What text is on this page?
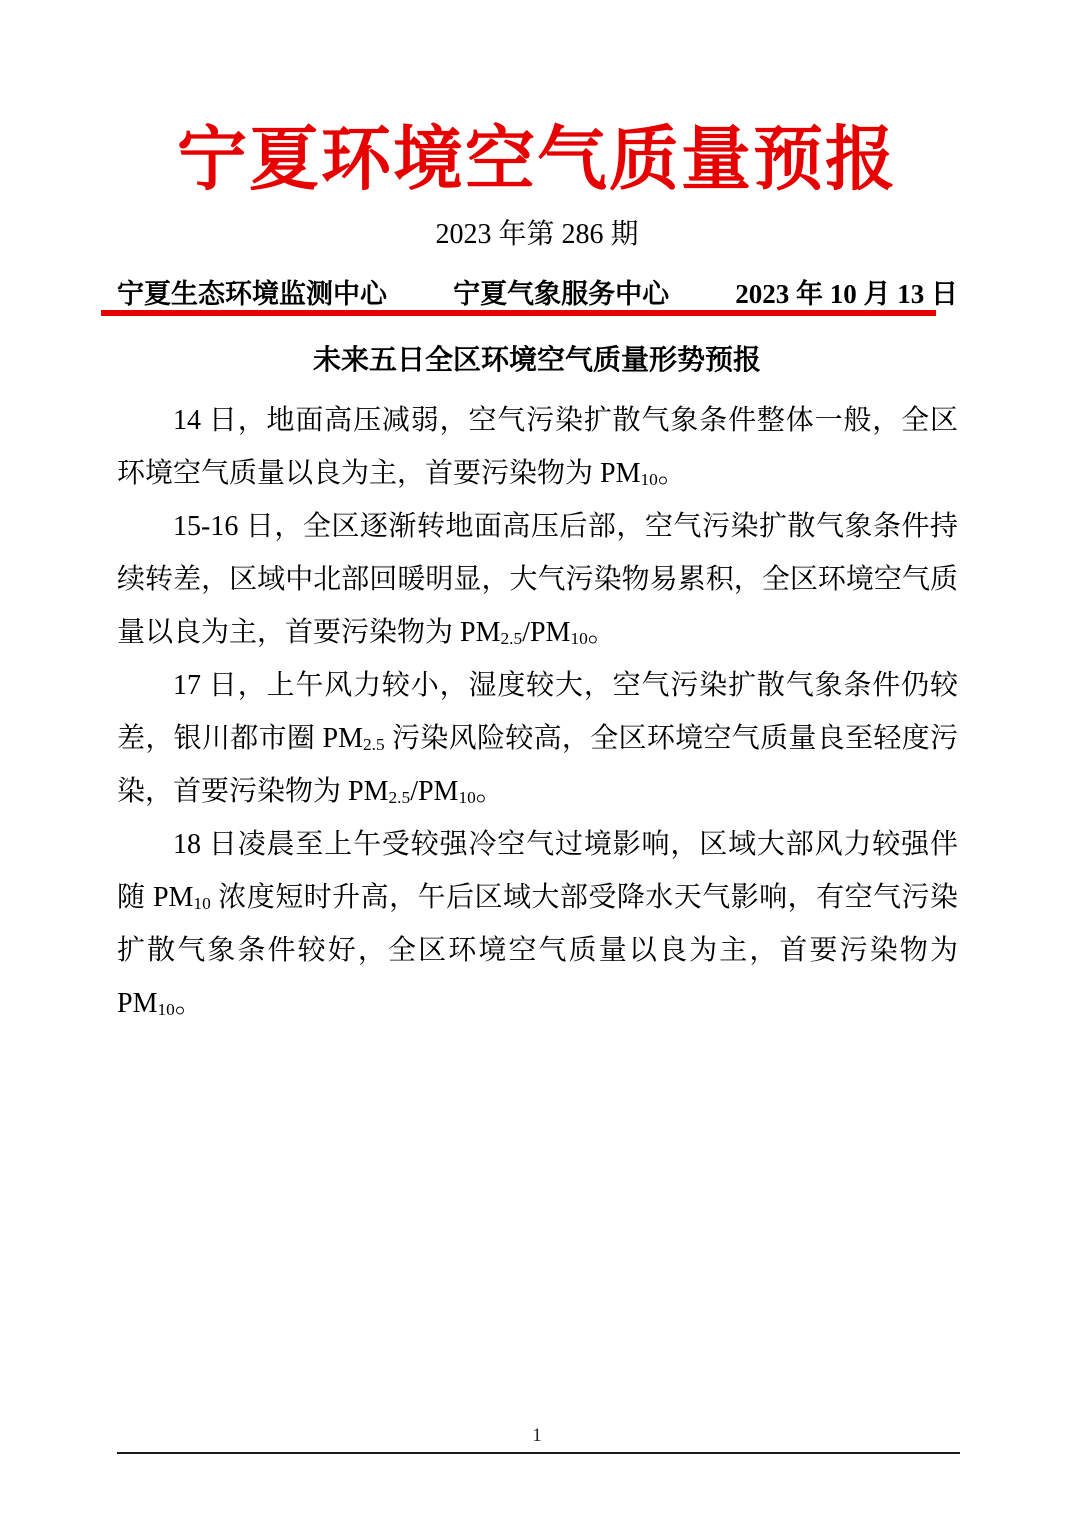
宁夏环境空气质量预报
2023 年第 286 期
宁夏生态环境监测中心 宁夏气象服务中心 2023 年 10 月 13 日
未来五日全区环境空气质量形势预报

14 日，地面高压减弱，空气污染扩散气象条件整体一般，全区环境空气质量以良为主，首要污染物为 $PM_{10}$。

15-16 日，全区逐渐转地面高压后部，空气污染扩散气象条件持续转差，区域中北部回暖明显，大气污染物易累积，全区环境空气质量以良为主，首要污染物为 $PM_{2.5}/PM_{10}$。

17 日，上午风力较小，湿度较大，空气污染扩散气象条件仍较差，银川都市圈 $PM_{2.5}$ 污染风险较高，全区环境空气质量良至轻度污染，首要污染物为 $PM_{2.5}/PM_{10}$。

18 日凌晨至上午受较强冷空气过境影响，区域大部风力较强伴随 $PM_{10}$ 浓度短时升高，午后区域大部受降水天气影响，有空气污染扩散气象条件较好，全区环境空气质量以良为主，首要污染物为 $PM_{10}$。

1
